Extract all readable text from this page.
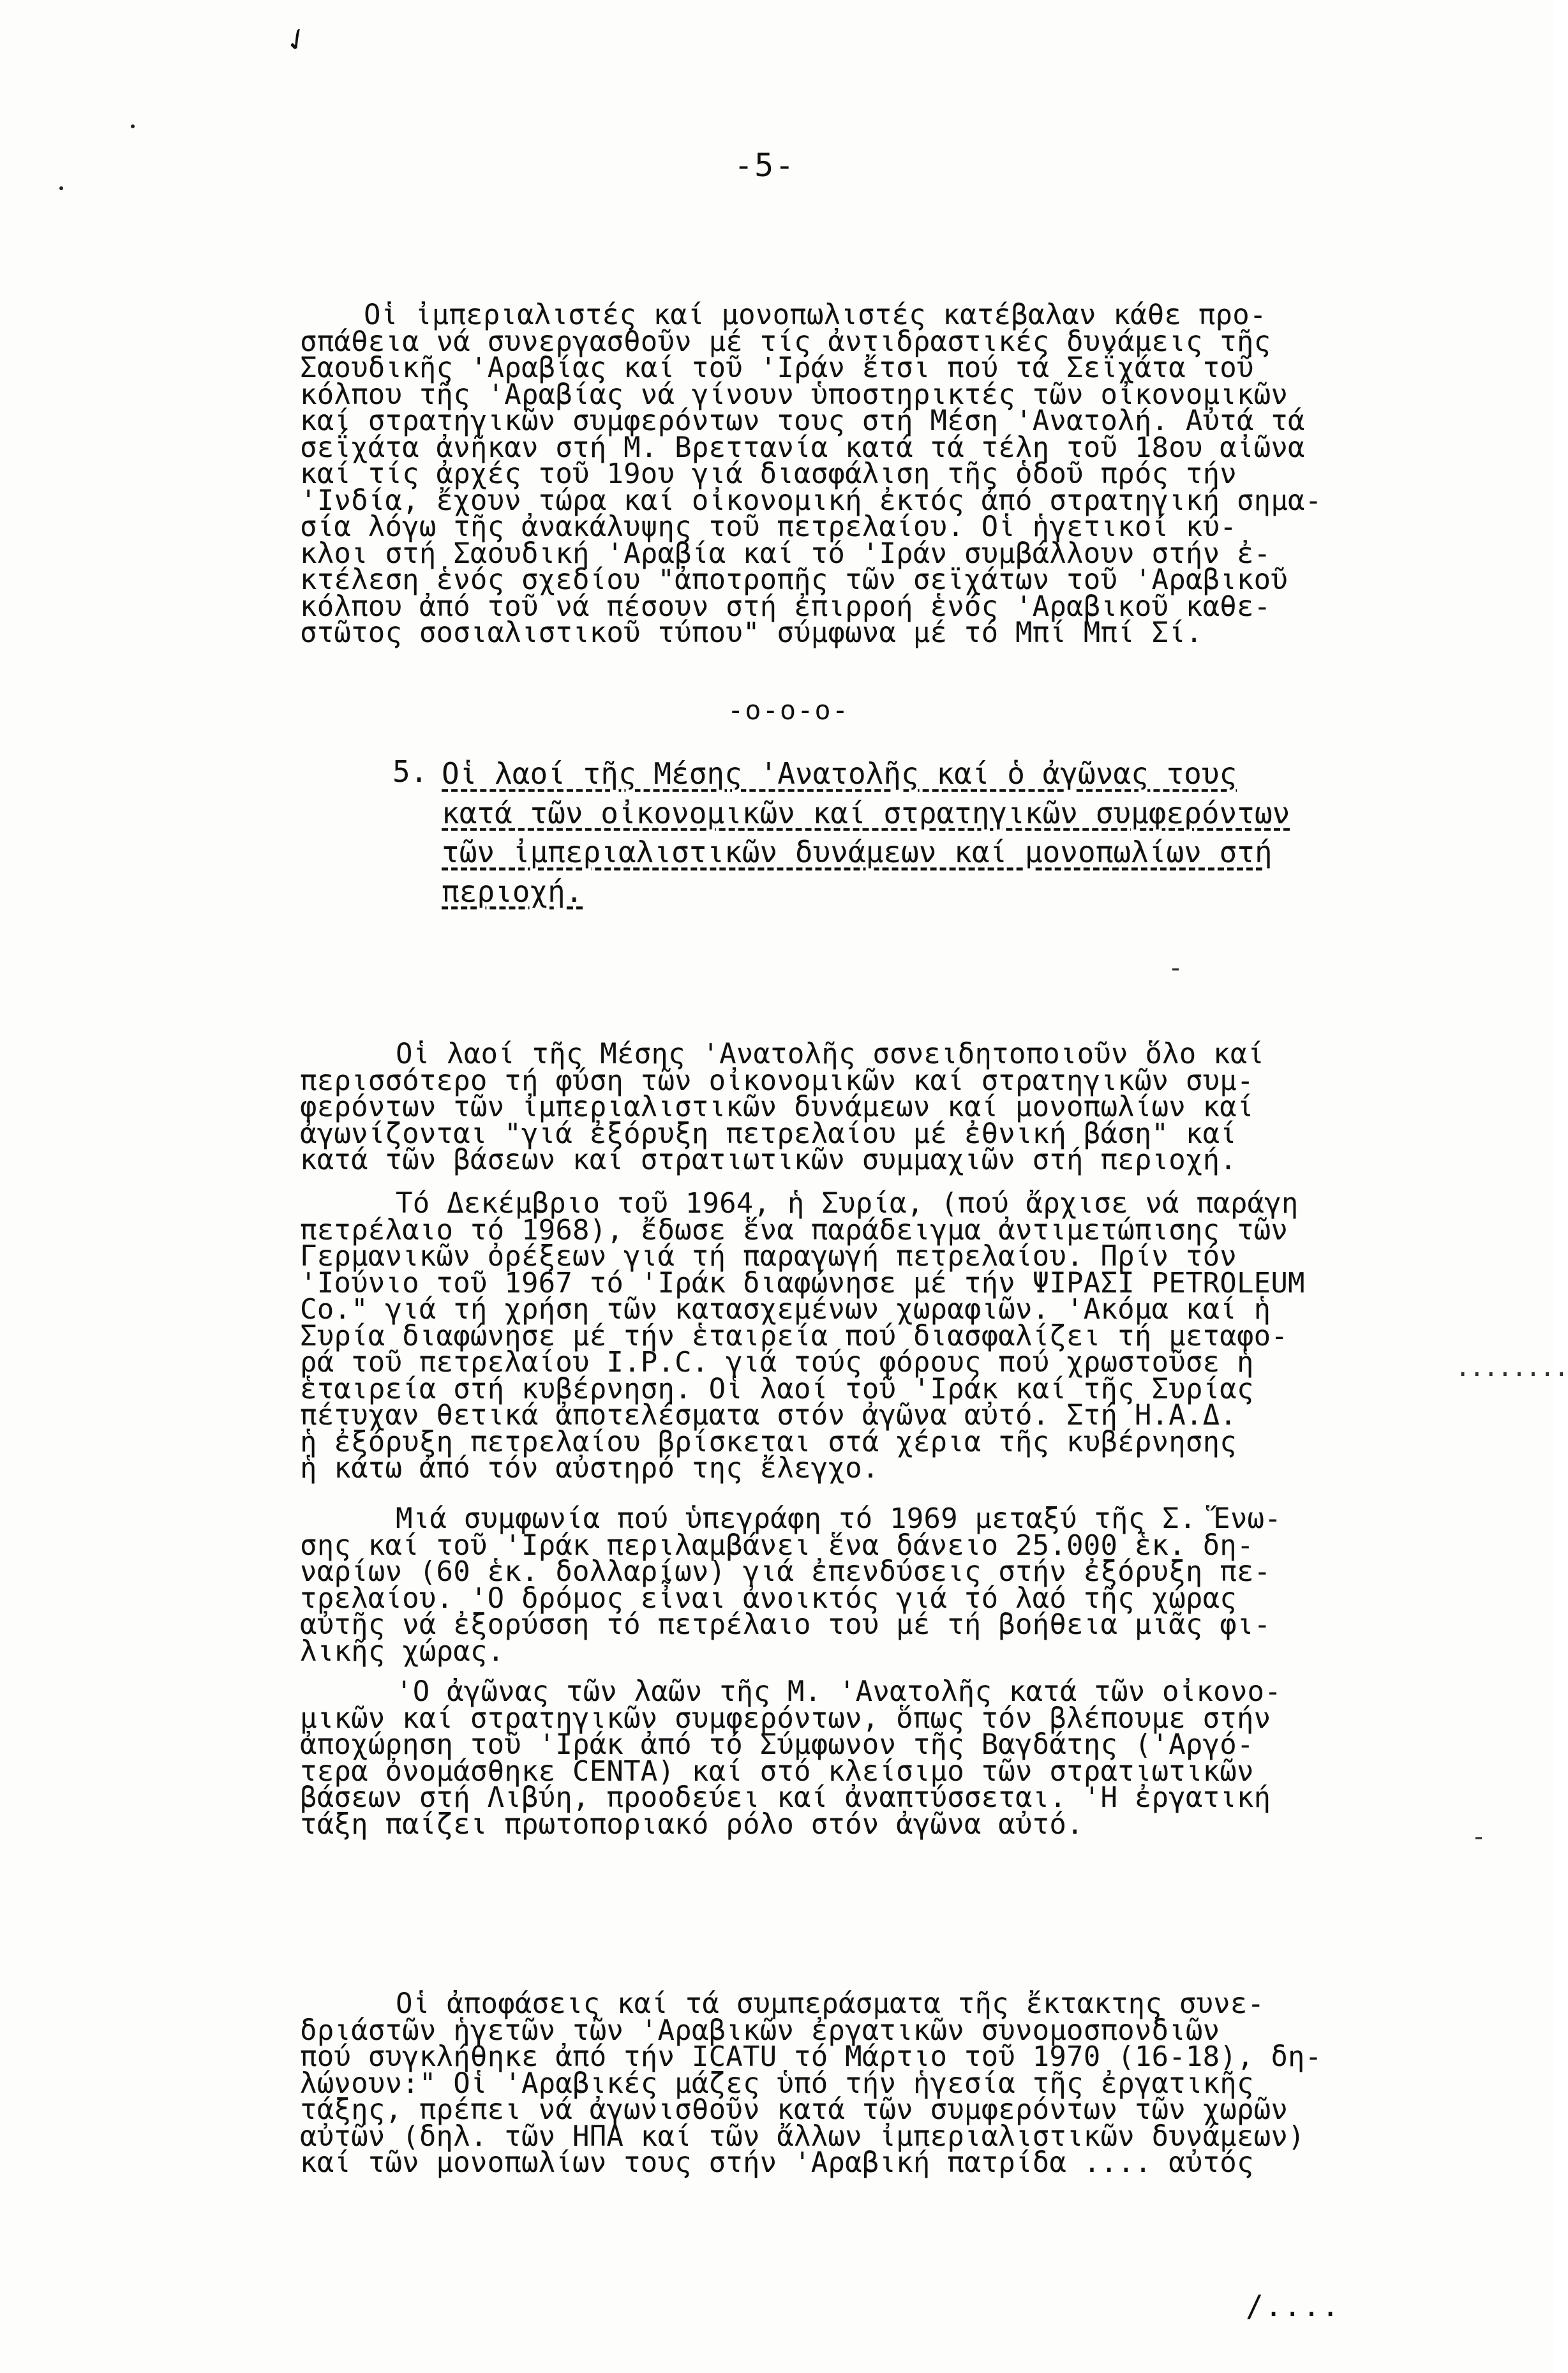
✓
-5-

Οἱ ἰμπεριαλιστές καί μονοπωλιστές κατέβαλαν κάθε προ-
σπάθεια νά συνεργασθοῦν μέ τίς ἀντιδραστικές δυνάμεις τῆς
Σαουδικῆς 'Αραβίας καί τοῦ 'Ιράν ἔτσι πού τά Σεΐχάτα τοῦ
κόλπου τῆς 'Αραβίας νά γίνουν ὑποστηρικτές τῶν οἰκονομικῶν
καί στρατηγικῶν συμφερόντων τους στή Μέση 'Ανατολή. Αὐτά τά
σεΐχάτα ἀνῆκαν στή Μ. Βρεττανία κατά τά τέλη τοῦ 18ου αἰῶνα
καί τίς ἀρχές τοῦ 19ου γιά διασφάλιση τῆς ὁδοῦ πρός τήν
'Ινδία, ἔχουν τώρα καί οἰκονομική ἐκτός ἀπό στρατηγική σημα-
σία λόγω τῆς ἀνακάλυψης τοῦ πετρελαίου. Οἱ ἡγετικοί κύ-
κλοι στή Σαουδική 'Αραβία καί τό 'Ιράν συμβάλλουν στήν ἐ-
κτέλεση ἑνός σχεδίου "ἀποτροπῆς τῶν σεϊχάτων τοῦ 'Αραβικοῦ
κόλπου ἀπό τοῦ νά πέσουν στή ἐπιρροή ἑνός 'Αραβικοῦ καθε-
στῶτος σοσιαλιστικοῦ τύπου" σύμφωνα μέ τό Μπί Μπί Σί.

-o-o-o-
5. Οἱ λαοί τῆς Μέσης 'Ανατολῆς καί ὁ ἀγῶνας τους
κατά τῶν οἰκονομικῶν καί στρατηγικῶν συμφερόντων
τῶν ἰμπεριαλιστικῶν δυνάμεων καί μονοπωλίων στή
περιοχή.
-

Οἱ λαοί τῆς Μέσης 'Ανατολῆς σσνειδητοποιοῦν ὅλο καί
περισσότερο τή φύση τῶν οἰκονομικῶν καί στρατηγικῶν συμ-
φερόντων τῶν ἰμπεριαλιστικῶν δυνάμεων καί μονοπωλίων καί
ἀγωνίζονται "γιά ἐξόρυξη πετρελαίου μέ ἐθνική βάση" καί
κατά τῶν βάσεων καί στρατιωτικῶν συμμαχιῶν στή περιοχή.

Τό Δεκέμβριο τοῦ 1964, ἡ Συρία, (πού ἄρχισε νά παράγη
πετρέλαιο τό 1968), ἔδωσε ἕνα παράδειγμα ἀντιμετώπισης τῶν
Γερμανικῶν ὀρέξεων γιά τή παραγωγή πετρελαίου. Πρίν τόν
'Ιούνιο τοῦ 1967 τό 'Ιράκ διαφώνησε μέ τήν ΨΙΡΑΣΙ PETROLEUM
Co." γιά τή χρήση τῶν κατασχεμένων χωραφιῶν. 'Ακόμα καί ἡ
Συρία διαφώνησε μέ τήν ἑταιρεία πού διασφαλίζει τή μεταφο-
ρά τοῦ πετρελαίου I.P.C. γιά τούς φόρους πού χρωστοῦσε ἡ
ἑταιρεία στή κυβέρνηση. Οἱ λαοί τοῦ 'Ιράκ καί τῆς Συρίας
πέτυχαν θετικά ἀποτελέσματα στόν ἀγῶνα αὐτό. Στή Η.Α.Δ.
ἡ ἐξόρυξη πετρελαίου βρίσκεται στά χέρια τῆς κυβέρνησης
ἡ κάτω ἀπό τόν αὐστηρό της ἔλεγχο.

........

Μιά συμφωνία πού ὑπεγράφη τό 1969 μεταξύ τῆς Σ. Ἕνω-
σης καί τοῦ 'Ιράκ περιλαμβάνει ἕνα δάνειο 25.000 ἑκ. δη-
ναρίων (60 ἑκ. δολλαρίων) γιά ἐπενδύσεις στήν ἐξόρυξη πε-
τρελαίου. 'Ο δρόμος εἶναι ἀνοικτός γιά τό λαό τῆς χώρας
αὐτῆς νά ἐξορύσση τό πετρέλαιο του μέ τή βοήθεια μιᾶς φι-
λικῆς χώρας.

'Ο ἀγῶνας τῶν λαῶν τῆς Μ. 'Ανατολῆς κατά τῶν οἰκονο-
μικῶν καί στρατηγικῶν συμφερόντων, ὅπως τόν βλέπουμε στήν
ἀποχώρηση τοῦ 'Ιράκ ἀπό τό Σύμφωνον τῆς Βαγδάτης ('Αργό-
τερα ὀνομάσθηκε CENTA) καί στό κλείσιμο τῶν στρατιωτικῶν
βάσεων στή Λιβύη, προοδεύει καί ἀναπτύσσεται. 'Η ἐργατική
τάξη παίζει πρωτοποριακό ρόλο στόν ἀγῶνα αὐτό.

	-

Οἱ ἀποφάσεις καί τά συμπεράσματα τῆς ἔκτακτης συνε-
δριάστῶν ἡγετῶν τῶν 'Αραβικῶν ἐργατικῶν συνομοσπονδιῶν
πού συγκλήθηκε ἀπό τήν ICATU τό Μάρτιο τοῦ 1970 (16-18), δη-
λώνουν:" Οἱ 'Αραβικές μάζες ὑπό τήν ἡγεσία τῆς ἐργατικῆς
τάξης, πρέπει νά ἀγωνισθοῦν κατά τῶν συμφερόντων τῶν χωρῶν
αὐτῶν (δηλ. τῶν ΗΠΑ καί τῶν ἄλλων ἰμπεριαλιστικῶν δυνάμεων)
καί τῶν μονοπωλίων τους στήν 'Αραβική πατρίδα .... αὐτός

/....
